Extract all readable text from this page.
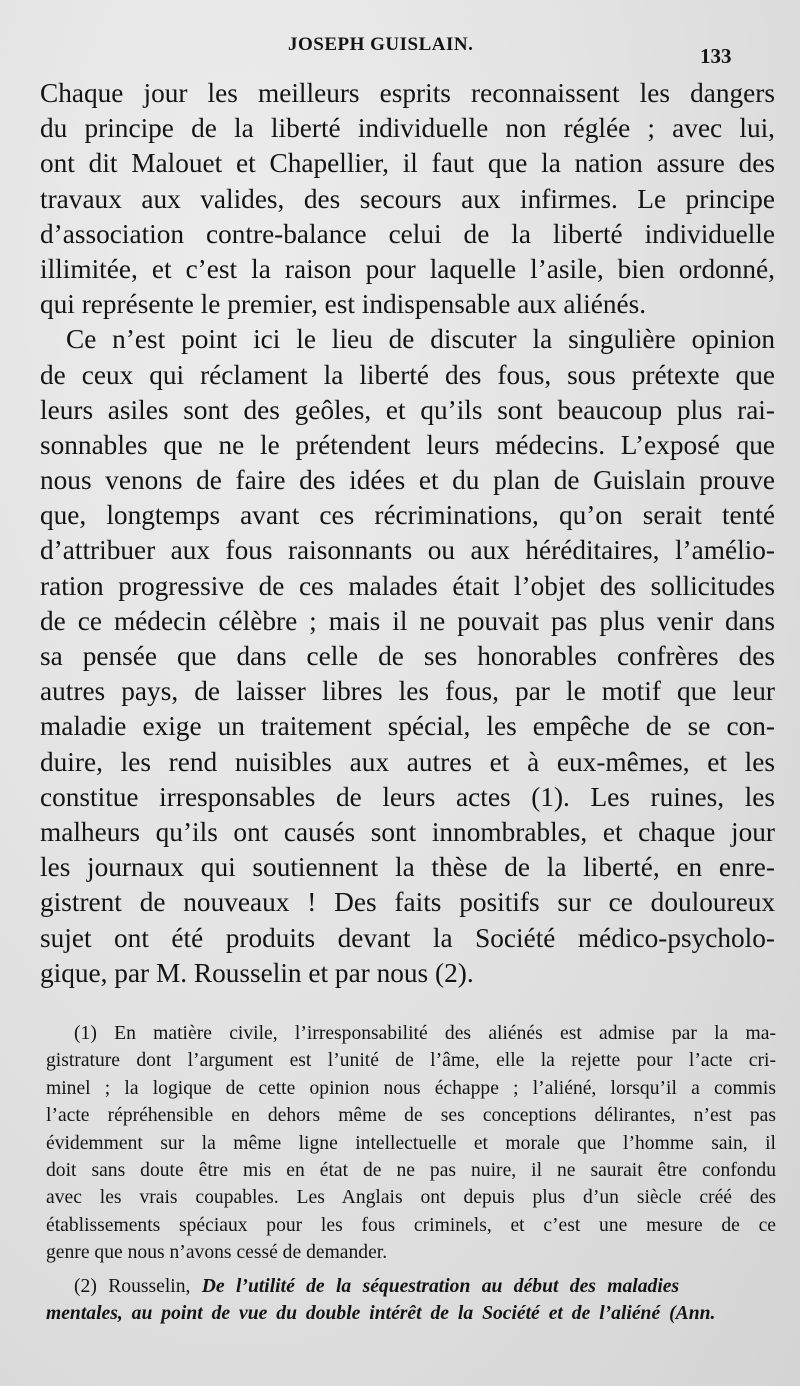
JOSEPH GUISLAIN.	133
Chaque jour les meilleurs esprits reconnaissent les dangers
du principe de la liberté individuelle non réglée ; avec lui,
ont dit Malouet et Chapellier, il faut que la nation assure des
travaux aux valides, des secours aux infirmes. Le principe
d’association contre-balance celui de la liberté individuelle
illimitée, et c’est la raison pour laquelle l’asile, bien ordonné,
qui représente le premier, est indispensable aux aliénés.
Ce n’est point ici le lieu de discuter la singulière opinion
de ceux qui réclament la liberté des fous, sous prétexte que
leurs asiles sont des geôles, et qu’ils sont beaucoup plus rai-
sonnables que ne le prétendent leurs médecins. L’exposé que
nous venons de faire des idées et du plan de Guislain prouve
que, longtemps avant ces récriminations, qu’on serait tenté
d’attribuer aux fous raisonnants ou aux héréditaires, l’amélio-
ration progressive de ces malades était l’objet des sollicitudes
de ce médecin célèbre ; mais il ne pouvait pas plus venir dans
sa pensée que dans celle de ses honorables confrères des
autres pays, de laisser libres les fous, par le motif que leur
maladie exige un traitement spécial, les empêche de se con-
duire, les rend nuisibles aux autres et à eux-mêmes, et les
constitue irresponsables de leurs actes (1). Les ruines, les
malheurs qu’ils ont causés sont innombrables, et chaque jour
les journaux qui soutiennent la thèse de la liberté, en enre-
gistrent de nouveaux ! Des faits positifs sur ce douloureux
sujet ont été produits devant la Société médico-psycholo-
gique, par M. Rousselin et par nous (2).
(1) En matière civile, l’irresponsabilité des aliénés est admise par la ma-
gistrature dont l’argument est l’unité de l’âme, elle la rejette pour l’acte cri-
minel ; la logique de cette opinion nous échappe ; l’aliéné, lorsqu’il a commis
l’acte répréhensible en dehors même de ses conceptions délirantes, n’est pas
évidemment sur la même ligne intellectuelle et morale que l’homme sain, il
doit sans doute être mis en état de ne pas nuire, il ne saurait être confondu
avec les vrais coupables. Les Anglais ont depuis plus d’un siècle créé des
établissements spéciaux pour les fous criminels, et c’est une mesure de ce
genre que nous n’avons cessé de demander.
(2) Rousselin, De l’utilité de la séquestration au début des maladies
mentales, au point de vue du double intérêt de la Société et de l’aliéné (Ann.
